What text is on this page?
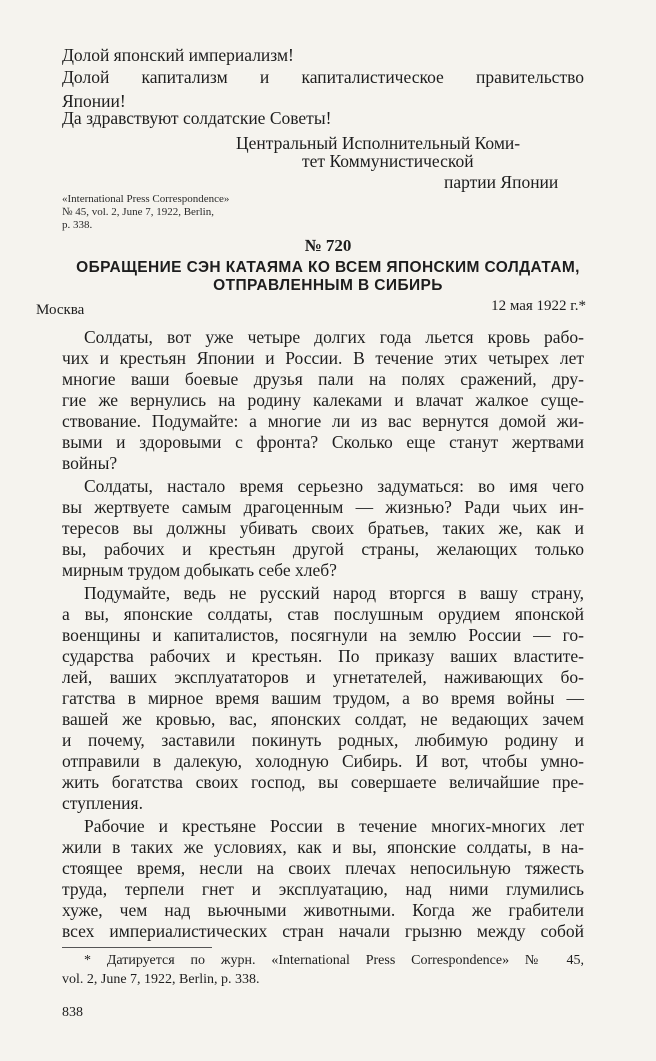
Долой японский империализм!
Долой капитализм и капиталистическое правительство
Японии!
Да здравствуют солдатские Советы!
Центральный Исполнительный Коми-
тет Коммунистической
партии Японии
«International Press Correspondence»
№ 45, vol. 2, June 7, 1922, Berlin,
p. 338.
№ 720
ОБРАЩЕНИЕ СЭН КАТАЯМА КО ВСЕМ ЯПОНСКИМ СОЛДАТАМ,
ОТПРАВЛЕННЫМ В СИБИРЬ
Москва	12 мая 1922 г.*
Солдаты, вот уже четыре долгих года льется кровь рабо-
чих и крестьян Японии и России. В течение этих четырех лет
многие ваши боевые друзья пали на полях сражений, дру-
гие же вернулись на родину калеками и влачат жалкое суще-
ствование. Подумайте: а многие ли из вас вернутся домой жи-
выми и здоровыми с фронта? Сколько еще станут жертвами
войны?
Солдаты, настало время серьезно задуматься: во имя чего
вы жертвуете самым драгоценным — жизнью? Ради чьих ин-
тересов вы должны убивать своих братьев, таких же, как и
вы, рабочих и крестьян другой страны, желающих только
мирным трудом добыкать себе хлеб?
Подумайте, ведь не русский народ вторгся в вашу страну,
а вы, японские солдаты, став послушным орудием японской
военщины и капиталистов, посягнули на землю России — го-
сударства рабочих и крестьян. По приказу ваших властите-
лей, ваших эксплуататоров и угнетателей, наживающих бо-
гатства в мирное время вашим трудом, а во время войны —
вашей же кровью, вас, японских солдат, не ведающих зачем
и почему, заставили покинуть родных, любимую родину и
отправили в далекую, холодную Сибирь. И вот, чтобы умно-
жить богатства своих господ, вы совершаете величайшие пре-
ступления.
Рабочие и крестьяне России в течение многих-многих лет
жили в таких же условиях, как и вы, японские солдаты, в на-
стоящее время, несли на своих плечах непосильную тяжесть
труда, терпели гнет и эксплуатацию, над ними глумились
хуже, чем над вьючными животными. Когда же грабители
всех империалистических стран начали грызню между собой
* Датируется по журн. «International Press Correspondence» № 45,
vol. 2, June 7, 1922, Berlin, p. 338.
838
